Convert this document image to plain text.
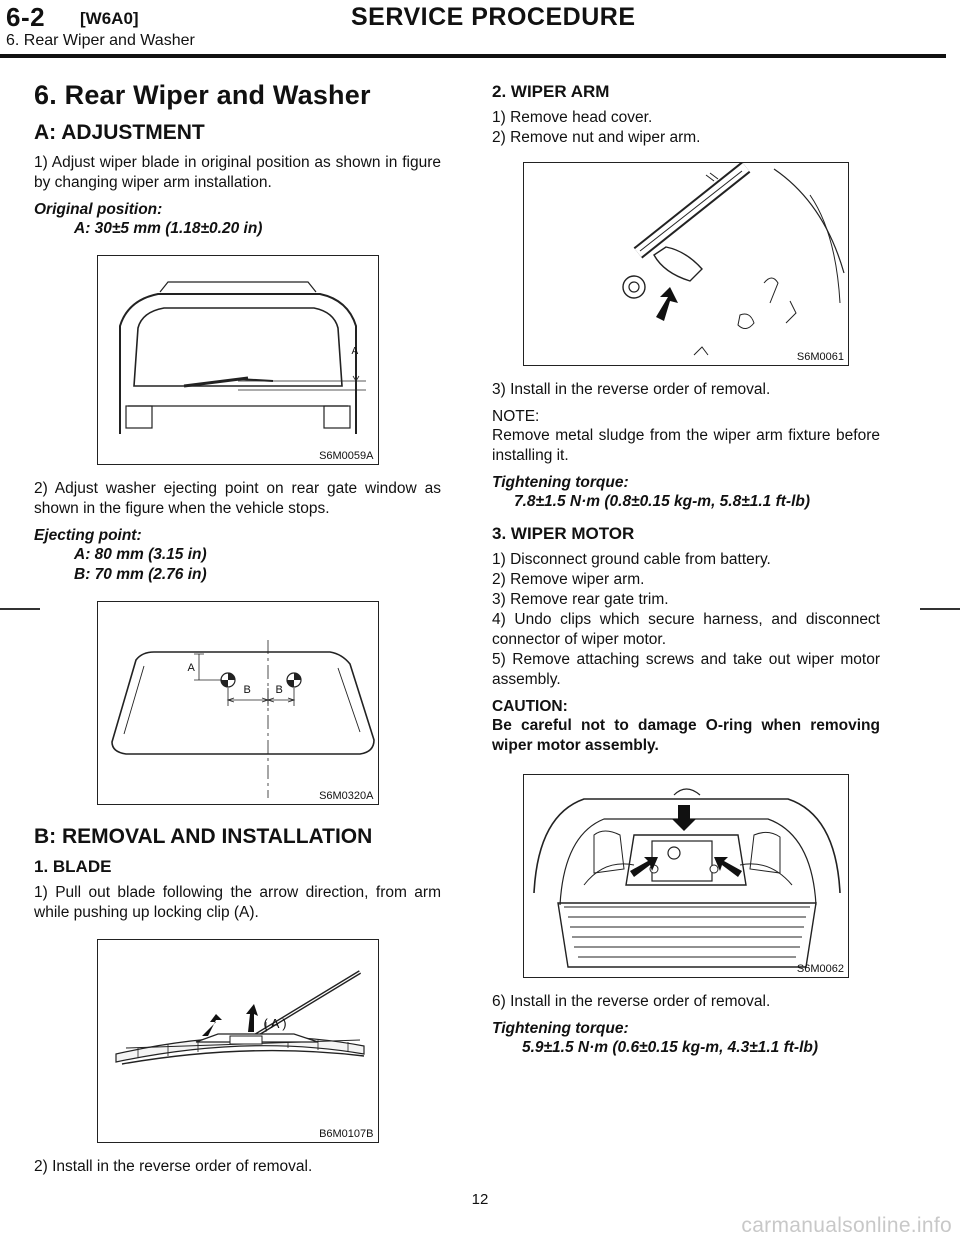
6-2 [W6A0]	SERVICE PROCEDURE
6. Rear Wiper and Washer
6. Rear Wiper and Washer
A: ADJUSTMENT

1) Adjust wiper blade in original position as shown in figure by changing wiper arm installation.

Original position:
A: 30±5 mm (1.18±0.20 in)
A
S6M0059A

2) Adjust washer ejecting point on rear gate window as shown in the figure when the vehicle stops.

Ejecting point:
A: 80 mm (3.15 in)
B: 70 mm (2.76 in)
A
B B
S6M0320A
B: REMOVAL AND INSTALLATION
1. BLADE

1) Pull out blade following the arrow direction, from arm while pushing up locking clip (A).

( A )
B6M0107B

2) Install in the reverse order of removal.

2. WIPER ARM

1) Remove head cover.

2) Remove nut and wiper arm.

S6M0061

3) Install in the reverse order of removal.

NOTE:

Remove metal sludge from the wiper arm fixture before installing it.

Tightening torque:
7.8±1.5 N·m (0.8±0.15 kg-m, 5.8±1.1 ft-lb)
3. WIPER MOTOR

1) Disconnect ground cable from battery.

2) Remove wiper arm.

3) Remove rear gate trim.

4) Undo clips which secure harness, and disconnect connector of wiper motor.

5) Remove attaching screws and take out wiper motor assembly.

CAUTION:

Be careful not to damage O-ring when removing wiper motor assembly.

S6M0062

6) Install in the reverse order of removal.

Tightening torque:
5.9±1.5 N·m (0.6±0.15 kg-m, 4.3±1.1 ft-lb)
12
carmanualsonline.info
